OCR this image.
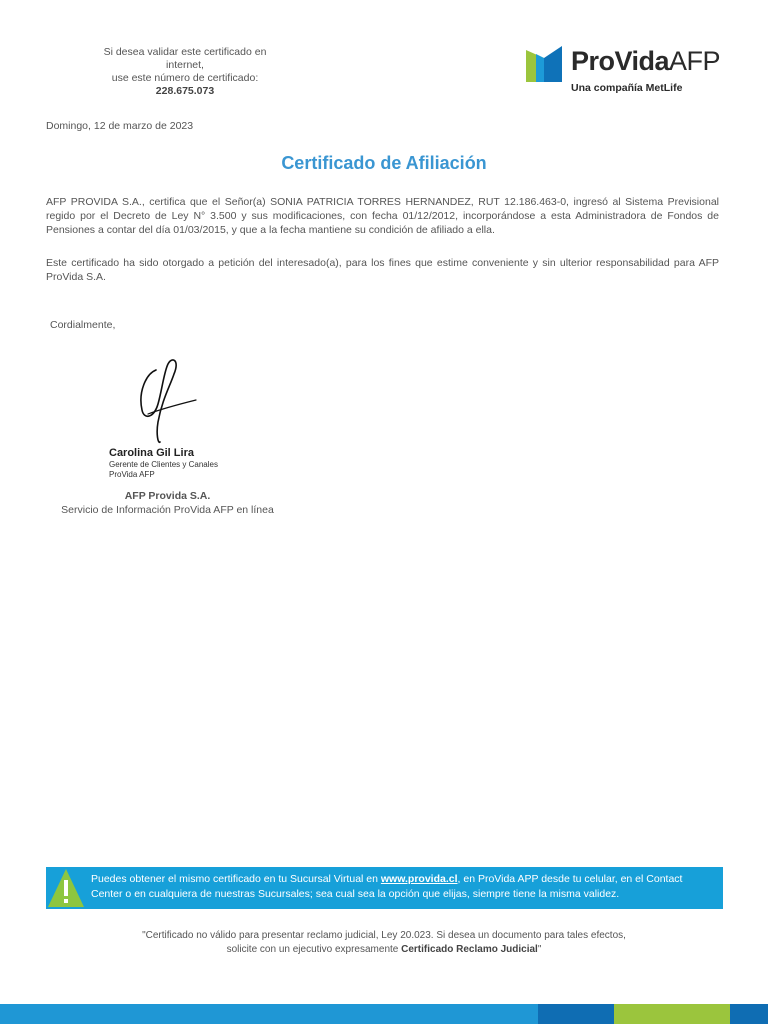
Si desea validar este certificado en
internet,
use este número de certificado:
228.675.073
ProVidaAFP
Una compañía MetLife
Domingo, 12 de marzo de 2023
Certificado de Afiliación
AFP PROVIDA S.A., certifica que el Señor(a) SONIA PATRICIA TORRES HERNANDEZ, RUT 12.186.463-0, ingresó al Sistema Previsional regido por el Decreto de Ley N° 3.500 y sus modificaciones, con fecha 01/12/2012, incorporándose a esta Administradora de Fondos de Pensiones a contar del día 01/03/2015, y que a la fecha mantiene su condición de afiliado a ella.
Este certificado ha sido otorgado a petición del interesado(a), para los fines que estime conveniente y sin ulterior responsabilidad para AFP ProVida S.A.
Cordialmente,
Carolina Gil Lira
Gerente de Clientes y Canales
ProVida AFP
AFP Provida S.A.
Servicio de Información ProVida AFP en línea
Puedes obtener el mismo certificado en tu Sucursal Virtual en www.provida.cl, en ProVida APP desde tu celular, en el Contact Center o en cualquiera de nuestras Sucursales; sea cual sea la opción que elijas, siempre tiene la misma validez.
"Certificado no válido para presentar reclamo judicial, Ley 20.023. Si desea un documento para tales efectos,
solicite con un ejecutivo expresamente Certificado Reclamo Judicial"
